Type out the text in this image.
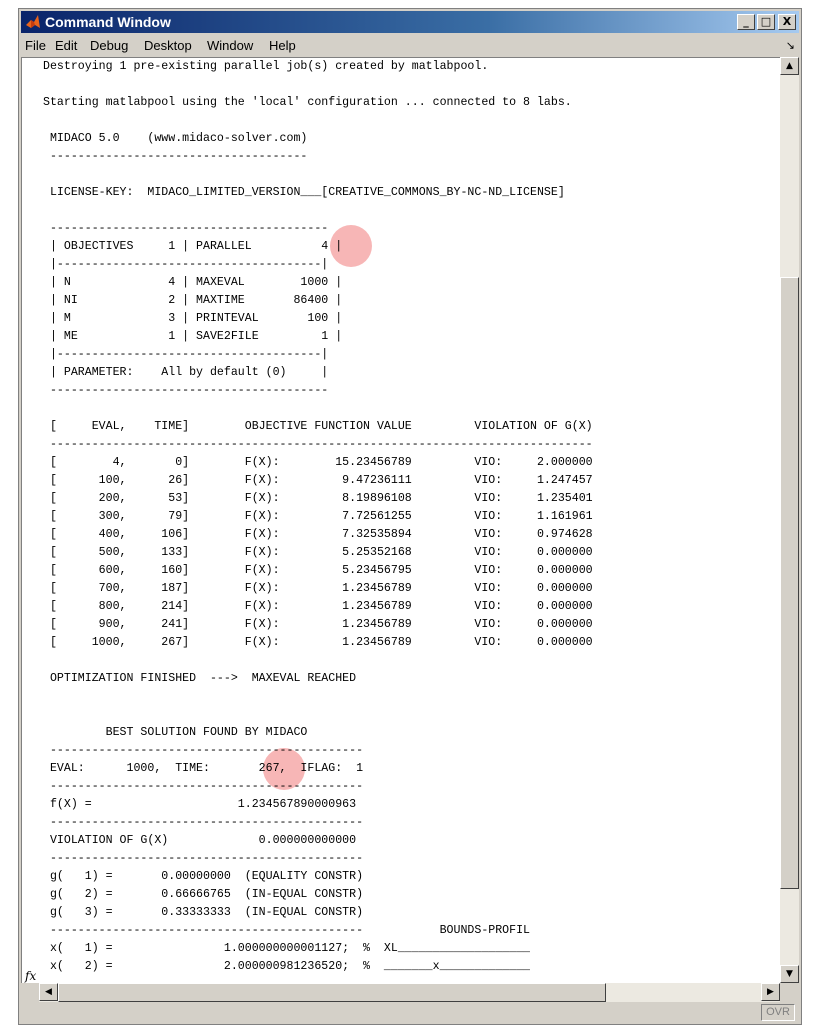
Command Window	_	□	X
File Edit Debug Desktop Window Help	↘
fx
Destroying 1 pre-existing parallel job(s) created by matlabpool.
Starting matlabpool using the 'local' configuration ... connected to 8 labs.
MIDACO 5.0    (www.midaco-solver.com)
-------------------------------------
LICENSE-KEY:  MIDACO_LIMITED_VERSION___[CREATIVE_COMMONS_BY-NC-ND_LICENSE]
----------------------------------------
| OBJECTIVES     1 | PARALLEL          4 |
|--------------------------------------|
| N              4 | MAXEVAL        1000 |
| NI             2 | MAXTIME       86400 |
| M              3 | PRINTEVAL       100 |
| ME             1 | SAVE2FILE         1 |
|--------------------------------------|
| PARAMETER:    All by default (0)     |
----------------------------------------
[     EVAL,    TIME]        OBJECTIVE FUNCTION VALUE         VIOLATION OF G(X)
------------------------------------------------------------------------------
[        4,       0]        F(X):        15.23456789         VIO:     2.000000
[      100,      26]        F(X):         9.47236111         VIO:     1.247457
[      200,      53]        F(X):         8.19896108         VIO:     1.235401
[      300,      79]        F(X):         7.72561255         VIO:     1.161961
[      400,     106]        F(X):         7.32535894         VIO:     0.974628
[      500,     133]        F(X):         5.25352168         VIO:     0.000000
[      600,     160]        F(X):         5.23456795         VIO:     0.000000
[      700,     187]        F(X):         1.23456789         VIO:     0.000000
[      800,     214]        F(X):         1.23456789         VIO:     0.000000
[      900,     241]        F(X):         1.23456789         VIO:     0.000000
[     1000,     267]        F(X):         1.23456789         VIO:     0.000000
OPTIMIZATION FINISHED  --->  MAXEVAL REACHED
BEST SOLUTION FOUND BY MIDACO
---------------------------------------------
EVAL:      1000,  TIME:       267,  IFLAG:  1
---------------------------------------------
f(X) =                     1.234567890000963
---------------------------------------------
VIOLATION OF G(X)             0.000000000000
---------------------------------------------
g(   1) =       0.00000000  (EQUALITY CONSTR)
g(   2) =       0.66666765  (IN-EQUAL CONSTR)
g(   3) =       0.33333333  (IN-EQUAL CONSTR)
---------------------------------------------           BOUNDS-PROFIL
x(   1) =                1.000000000001127;  %  XL___________________
x(   2) =                2.000000981236520;  %  _______x_____________
▲
▼
◀	▶
OVR
